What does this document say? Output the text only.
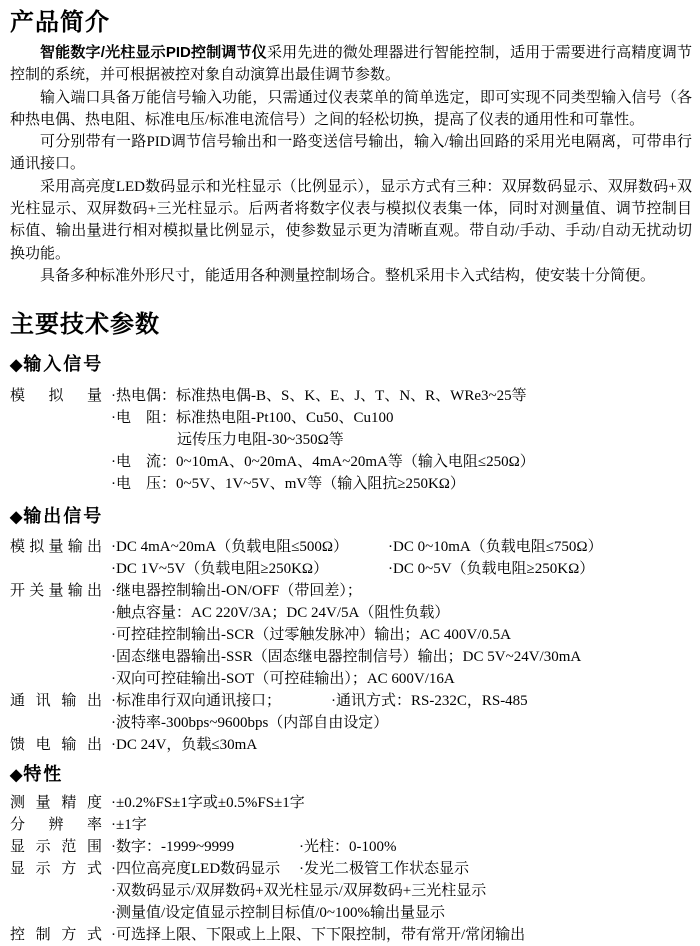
产品简介

智能数字/光柱显示PID控制调节仪采用先进的微处理器进行智能控制，适用于需要进行高精度调节控制的系统，并可根据被控对象自动演算出最佳调节参数。

输入端口具备万能信号输入功能，只需通过仪表菜单的简单选定，即可实现不同类型输入信号（各种热电偶、热电阻、标准电压/标准电流信号）之间的轻松切换，提高了仪表的通用性和可靠性。

可分别带有一路PID调节信号输出和一路变送信号输出，输入/输出回路的采用光电隔离，可带串行通讯接口。

采用高亮度LED数码显示和光柱显示（比例显示），显示方式有三种：双屏数码显示、双屏数码+双光柱显示、双屏数码+三光柱显示。后两者将数字仪表与模拟仪表集一体，同时对测量值、调节控制目标值、输出量进行相对模拟量比例显示，使参数显示更为清晰直观。带自动/手动、手动/自动无扰动切换功能。

具备多种标准外形尺寸，能适用各种测量控制场合。整机采用卡入式结构，使安装十分简便。

主要技术参数
◆输入信号
模拟量 ·热电偶：标准热电偶-B、S、K、E、J、T、N、R、WRe3~25等
·电　阻：标准热电阻-Pt100、Cu50、Cu100
远传压力电阻-30~350Ω等
·电　流：0~10mA、0~20mA、4mA~20mA等（输入电阻≤250Ω）
·电　压：0~5V、1V~5V、mV等（输入阻抗≥250KΩ）
◆输出信号
模拟量输出 ·DC 4mA~20mA（负载电阻≤500Ω）	·DC 0~10mA（负载电阻≤750Ω）
·DC 1V~5V（负载电阻≥250KΩ）	·DC 0~5V（负载电阻≥250KΩ）
开关量输出 ·继电器控制输出-ON/OFF（带回差）；
·触点容量：AC 220V/3A；DC 24V/5A（阻性负载）
·可控硅控制输出-SCR（过零触发脉冲）输出；AC 400V/0.5A
·固态继电器输出-SSR（固态继电器控制信号）输出；DC 5V~24V/30mA
·双向可控硅输出-SOT（可控硅输出）；AC 600V/16A
通讯输出 ·标准串行双向通讯接口；	·通讯方式：RS-232C，RS-485
·波特率-300bps~9600bps（内部自由设定）
馈电输出 ·DC 24V，负载≤30mA
◆特性
测量精度 ·±0.2%FS±1字或±0.5%FS±1字
分辨率 ·±1字
显示范围 ·数字：-1999~9999	·光柱：0-100%
显示方式 ·四位高亮度LED数码显示	·发光二极管工作状态显示
·双数码显示/双屏数码+双光柱显示/双屏数码+三光柱显示
·测量值/设定值显示控制目标值/0~100%输出量显示
控制方式 ·可选择上限、下限或上上限、下下限控制，带有常开/常闭输出
